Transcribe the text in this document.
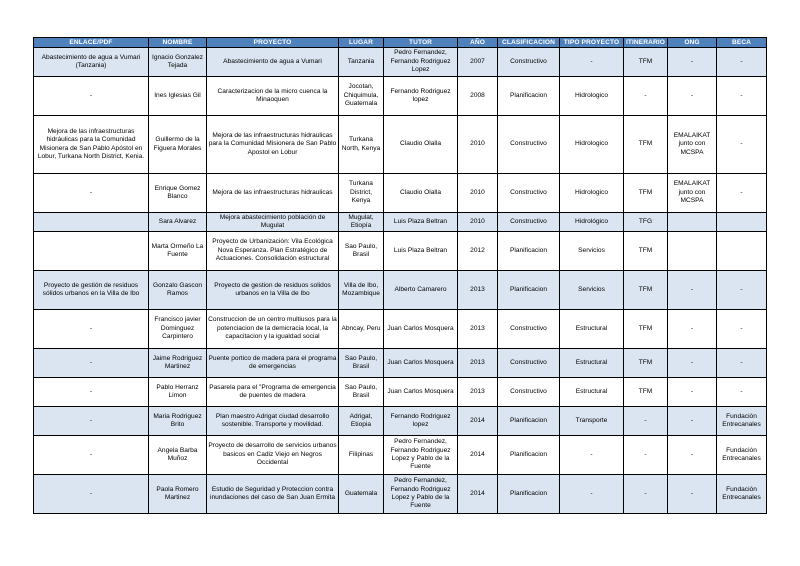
ENLACE/PDF	NOMBRE	PROYECTO	LUGAR	TUTOR	AÑO	CLASIFICACION	TIPO PROYECTO	ITINERARIO	ONG	BECA
Abastecimiento de agua a Vumari (Tanzania)	Ignacio Gonzalez Tejada	Abastecimiento de agua a Vumari	Tanzania	Pedro Fernandez, Fernando Rodriguez Lopez	2007	Constructivo	-	TFM	-	-
-	Ines Iglesias Gil	Caracterizacion de la micro cuenca la Minaoquen	Jocotan, Chiquimula, Guatemala	Fernando Rodriguez lopez	2008	Planificacion	Hidrologico	-	-	-
Mejora de las infraestructuras hidráulicas para la Comunidad Misionera de San Pablo Apóstol en Lobur, Turkana North District, Kenia.	Guillermo de la Figuera Morales	Mejora de las infraestructuras hidraulicas para la Comunidad Misionera de San Pablo Apostol en Lobur	Turkana North, Kenya	Claudio Olalla	2010	Constructivo	Hidrologico	TFM	EMALAIKAT junto con MCSPA	-
-	Enrique Gomez Blanco	Mejora de las infraestructuras hidraulicas	Turkana District, Kenya	Claudio Olalla	2010	Constructivo	Hidrologico	TFM	EMALAIKAT junto con MCSPA	-
	Sara Alvarez	Mejora abastecimiento población de Mugulat	Mugulat, Etiopía	Luis Plaza Beltran	2010	Constructivo	Hidrológico	TFG		
	Marta Ormeño La Fuente	Proyecto de Urbanización: Vila Ecológica Nova Esperanza. Plan Estratégico de Actuaciones. Consolidación estructural	Sao Paulo, Brasil	Luis Plaza Beltran	2012	Planificacion	Servicios	TFM		
Proyecto de gestión de residuos sólidos urbanos en la Villa de Ibo	Gonzalo Gascon Ramos	Proyecto de gestion de residuos solidos urbanos en la Villa de Ibo	Villa de Ibo, Mozambique	Alberto Camarero	2013	Planificacion	Servicios	TFM	-	-
-	Francisco javier Dominguez Carpintero	Construccion de un centro multiusos para la potenciacion de la demicracia local, la capacitacion y la igualdad social	Abncay, Peru	Juan Carlos Mosquera	2013	Constructivo	Estructural	TFM	-	-
-	Jaime Rodriguez Martinez	Puente portico de madera para el programa de emergencias	Sao Paulo, Brasil	Juan Carlos Mosquera	2013	Constructivo	Estructural	TFM	-	-
-	Pablo Herranz Limon	Pasarela para el "Programa de emergencia de puentes de madera	Sao Paulo, Brasil	Juan Carlos Mosquera	2013	Constructivo	Estructural	TFM	-	-
-	Maria Rodriguez Brito	Plan maestro Adrigat ciudad desarrollo sostenible. Transporte y movilidad.	Adrigat, Etiopia	Fernando Rodriguez lopez	2014	Planificacion	Transporte	-	-	Fundación Entrecanales
-	Angela Barba Muñoz	Proyecto de desarrollo de servicios urbanos basicos en Cadiz Viejo en Negros Occidental	Filipinas	Pedro Fernandez, Fernando Rodriguez Lopez y Pablo de la Fuente	2014	Planificacion	-	-	-	Fundación Entrecanales
-	Paola Romero Martinez	Estudio de Seguridad y Proteccion contra inundaciones del caso de San Juan Ermita	Guatemala	Pedro Fernandez, Fernando Rodriguez Lopez y Pablo de la Fuente	2014	Planificacion	-	-	-	Fundación Entrecanales
